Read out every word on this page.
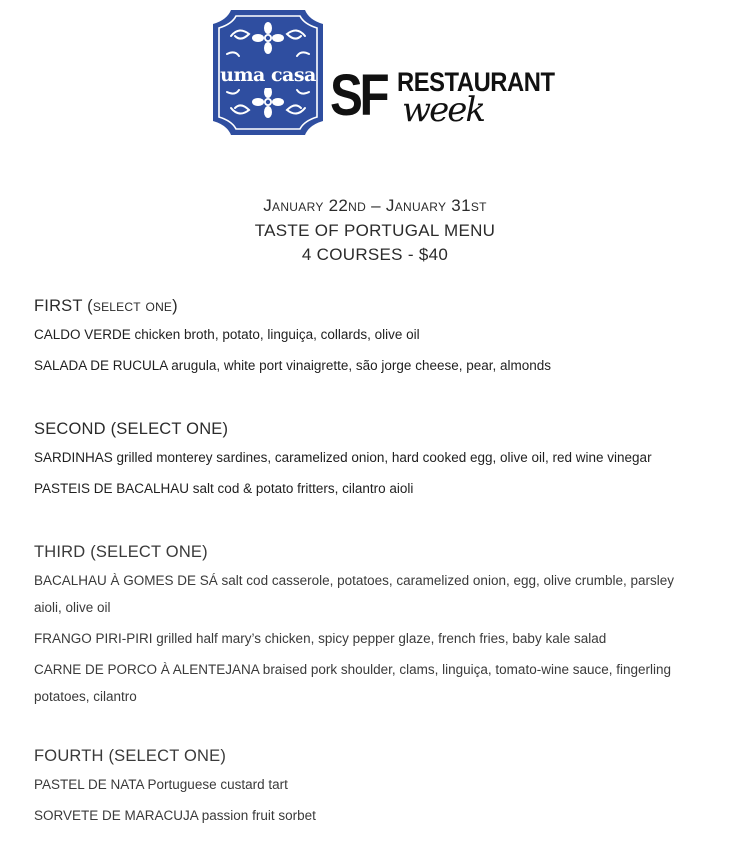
uma casa SF RESTAURANT
week
January 22nd – January 31st
TASTE OF PORTUGAL MENU
4 COURSES - $40
FIRST (select one)
CALDO VERDE chicken broth, potato, linguiça, collards, olive oil
SALADA DE RUCULA arugula, white port vinaigrette, são jorge cheese, pear, almonds
SECOND (SELECT ONE)
SARDINHAS grilled monterey sardines, caramelized onion, hard cooked egg, olive oil, red wine vinegar
PASTEIS DE BACALHAU salt cod & potato fritters, cilantro aioli
THIRD (SELECT ONE)
BACALHAU À GOMES DE SÁ salt cod casserole, potatoes, caramelized onion, egg, olive crumble, parsley
aioli, olive oil
FRANGO PIRI-PIRI grilled half mary’s chicken, spicy pepper glaze, french fries, baby kale salad
CARNE DE PORCO À ALENTEJANA braised pork shoulder, clams, linguiça, tomato-wine sauce, fingerling
potatoes, cilantro
FOURTH (SELECT ONE)
PASTEL DE NATA Portuguese custard tart
SORVETE DE MARACUJA passion fruit sorbet
